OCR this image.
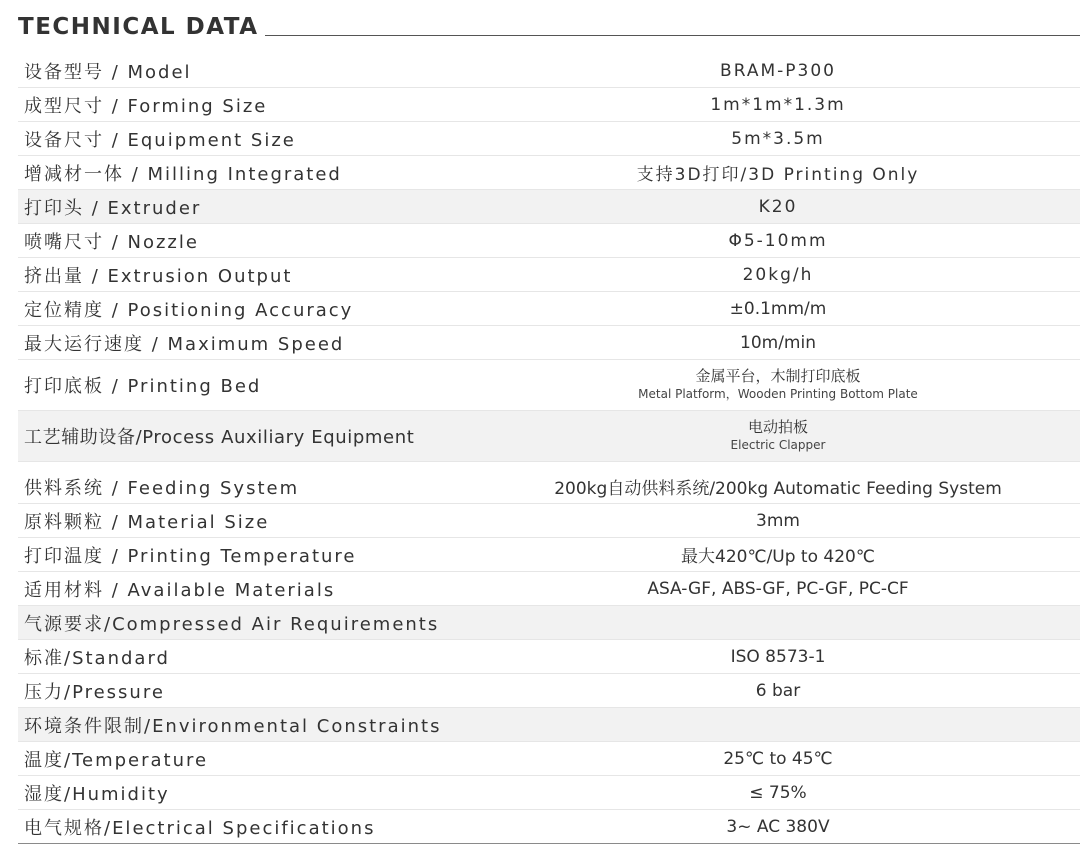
TECHNICAL DATA
设备型号 / Model	BRAM-P300
成型尺寸 / Forming Size	1m*1m*1.3m
设备尺寸 / Equipment Size	5m*3.5m
增减材一体 / Milling Integrated	支持3D打印/3D Printing Only
打印头 / Extruder	K20
喷嘴尺寸 / Nozzle	Φ5-10mm
挤出量 / Extrusion Output	20kg/h
定位精度 / Positioning Accuracy	±0.1mm/m
最大运行速度 / Maximum Speed	10m/min
打印底板 / Printing Bed	金属平台，木制打印底板
Metal Platform，Wooden Printing Bottom Plate
工艺辅助设备/Process Auxiliary Equipment	电动拍板
Electric Clapper
供料系统 / Feeding System	200kg自动供料系统/200kg Automatic Feeding System
原料颗粒 / Material Size	3mm
打印温度 / Printing Temperature	最大420℃/Up to 420℃
适用材料 / Available Materials	ASA-GF, ABS-GF, PC-GF, PC-CF
气源要求/Compressed Air Requirements
标准/Standard	ISO 8573-1
压力/Pressure	6 bar
环境条件限制/Environmental Constraints
温度/Temperature	25℃ to 45℃
湿度/Humidity	≤ 75%
电气规格/Electrical Specifications	3~ AC 380V
